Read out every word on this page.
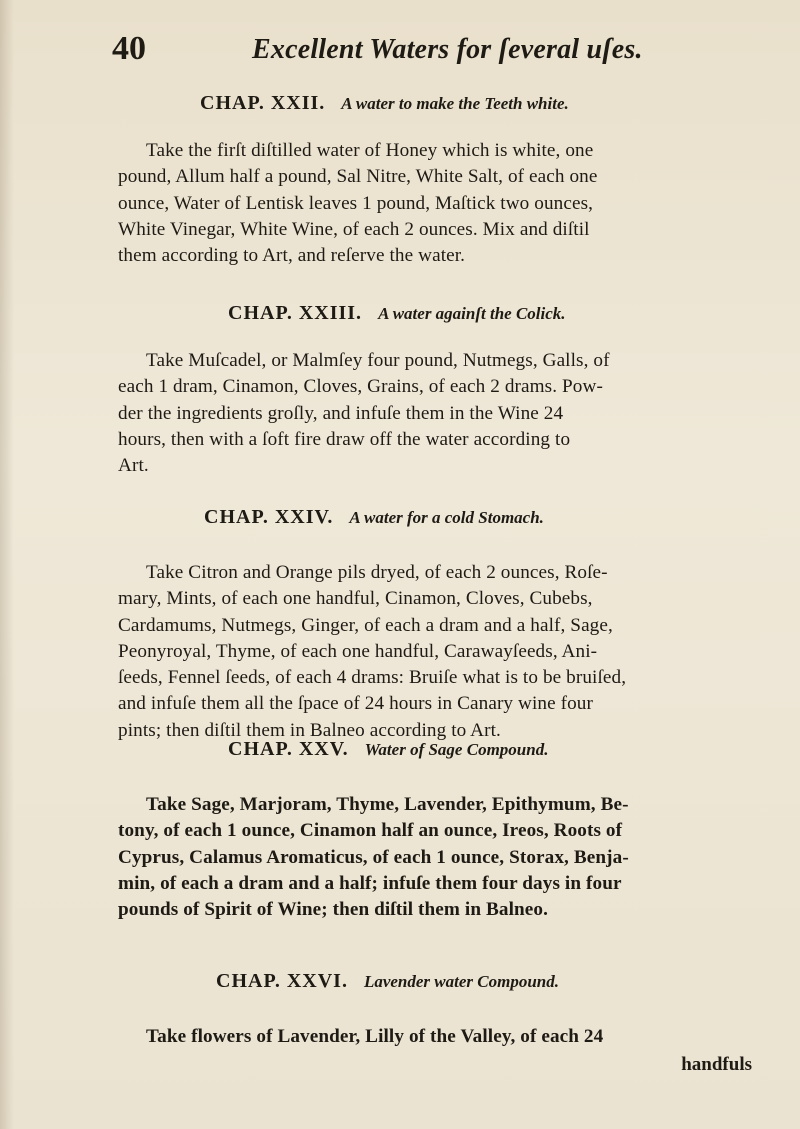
40	Excellent Waters for ſeveral uſes.
CHAP. XXII. A water to make the Teeth white.
Take the firſt diſtilled water of Honey which is white, one
pound, Allum half a pound, Sal Nitre, White Salt, of each one
ounce, Water of Lentisk leaves 1 pound, Maſtick two ounces,
White Vinegar, White Wine, of each 2 ounces. Mix and diſtil
them according to Art, and reſerve the water.
CHAP. XXIII. A water againſt the Colick.
Take Muſcadel, or Malmſey four pound, Nutmegs, Galls, of
each 1 dram, Cinamon, Cloves, Grains, of each 2 drams. Pow-
der the ingredients groſly, and infuſe them in the Wine 24
hours, then with a ſoft fire draw off the water according to
Art.
CHAP. XXIV. A water for a cold Stomach.
Take Citron and Orange pils dryed, of each 2 ounces, Roſe-
mary, Mints, of each one handful, Cinamon, Cloves, Cubebs,
Cardamums, Nutmegs, Ginger, of each a dram and a half, Sage,
Peonyroyal, Thyme, of each one handful, Carawayſeeds, Ani-
ſeeds, Fennel ſeeds, of each 4 drams: Bruiſe what is to be bruiſed,
and infuſe them all the ſpace of 24 hours in Canary wine four
pints; then diſtil them in Balneo according to Art.
CHAP. XXV. Water of Sage Compound.
Take Sage, Marjoram, Thyme, Lavender, Epithymum, Be-
tony, of each 1 ounce, Cinamon half an ounce, Ireos, Roots of
Cyprus, Calamus Aromaticus, of each 1 ounce, Storax, Benja-
min, of each a dram and a half; infuſe them four days in four
pounds of Spirit of Wine; then diſtil them in Balneo.
CHAP. XXVI. Lavender water Compound.
Take flowers of Lavender, Lilly of the Valley, of each 24
handfuls
